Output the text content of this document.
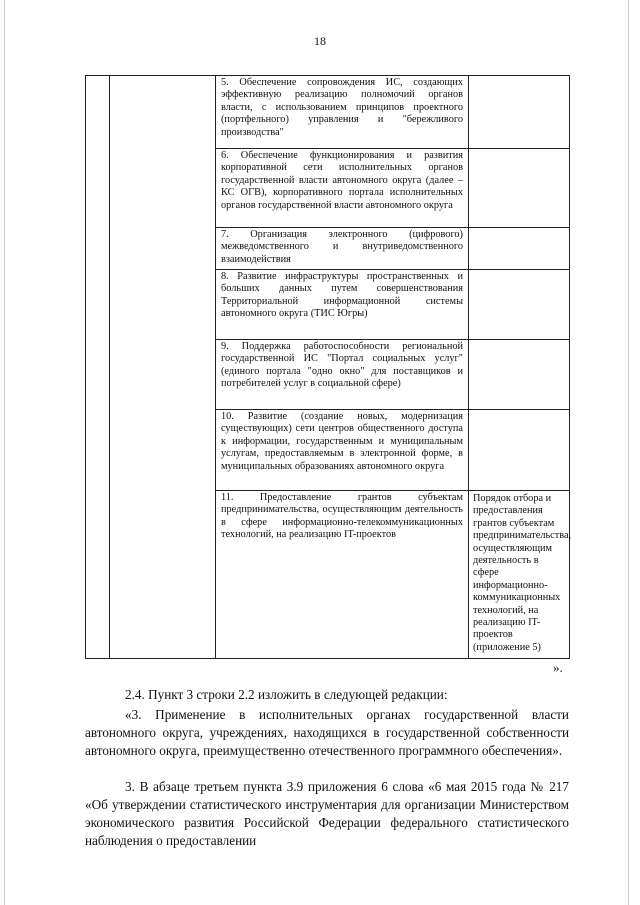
18

		5. Обеспечение сопровождения ИС, создающих эффективную реализацию полномочий органов власти, с использованием принципов проектного (портфельного) управления и "бережливого производства"	

		6. Обеспечение функционирования и развития корпоративной сети исполнительных органов государственной власти автономного округа (далее – КС ОГВ), корпоративного портала исполнительных органов государственной власти автономного округа	

		7. Организация электронного (цифрового) межведомственного и внутриведомственного взаимодействия	

		8. Развитие инфраструктуры пространственных и больших данных путем совершенствования Территориальной информационной системы автономного округа (ТИС Югры)	

		9. Поддержка работоспособности региональной государственной ИС "Портал социальных услуг" (единого портала "одно окно" для поставщиков и потребителей услуг в социальной сфере)	

		10. Развитие (создание новых, модернизация существующих) сети центров общественного доступа к информации, государственным и муниципальным услугам, предоставляемым в электронной форме, в муниципальных образованиях автономного округа	

		11. Предоставление грантов субъектам предпринимательства, осуществляющим деятельность в сфере информационно-телекоммуникационных технологий, на реализацию IT-проектов	Порядок отбора и предоставления грантов субъектам предпринимательства, осуществляющим деятельность в сфере информационно-коммуникационных технологий, на реализацию IT-проектов (приложение 5)
».
2.4. Пункт 3 строки 2.2 изложить в следующей редакции:
«3. Применение в исполнительных органах государственной власти автономного округа, учреждениях, находящихся в государственной собственности автономного округа, преимущественно отечественного программного обеспечения».
3. В абзаце третьем пункта 3.9 приложения 6 слова «6 мая 2015 года № 217 «Об утверждении статистического инструментария для организации Министерством экономического развития Российской Федерации федерального статистического наблюдения о предоставлении
